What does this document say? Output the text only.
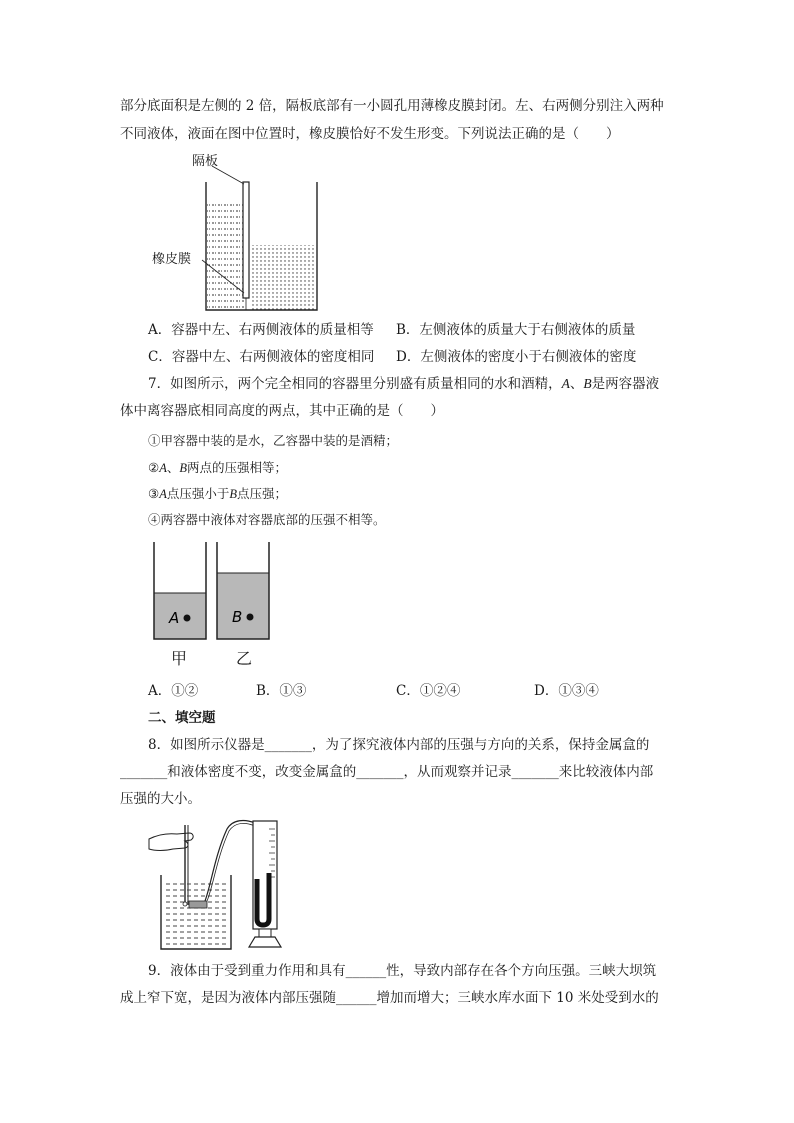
部分底面积是左侧的 2 倍，隔板底部有一小圆孔用薄橡皮膜封闭。左、右两侧分别注入两种
不同液体，液面在图中位置时，橡皮膜恰好不发生形变。下列说法正确的是（　　）
隔板
橡皮膜
A．容器中左、右两侧液体的质量相等 B．左侧液体的质量大于右侧液体的质量
C．容器中左、右两侧液体的密度相同 D．左侧液体的密度小于右侧液体的密度
7．如图所示，两个完全相同的容器里分别盛有质量相同的水和酒精，A、B是两容器液
体中离容器底相同高度的两点，其中正确的是（　　）
①甲容器中装的是水，乙容器中装的是酒精；
②A、B两点的压强相等；
③A点压强小于B点压强；
④两容器中液体对容器底部的压强不相等。
A	B
甲	乙
A．①②	B．①③	C．①②④	D．①③④
二、填空题
8．如图所示仪器是_______，为了探究液体内部的压强与方向的关系，保持金属盒的
_______和液体密度不变，改变金属盒的_______，从而观察并记录_______来比较液体内部
压强的大小。
9．液体由于受到重力作用和具有______性，导致内部存在各个方向压强。三峡大坝筑
成上窄下宽，是因为液体内部压强随______增加而增大；三峡水库水面下 10 米处受到水的
